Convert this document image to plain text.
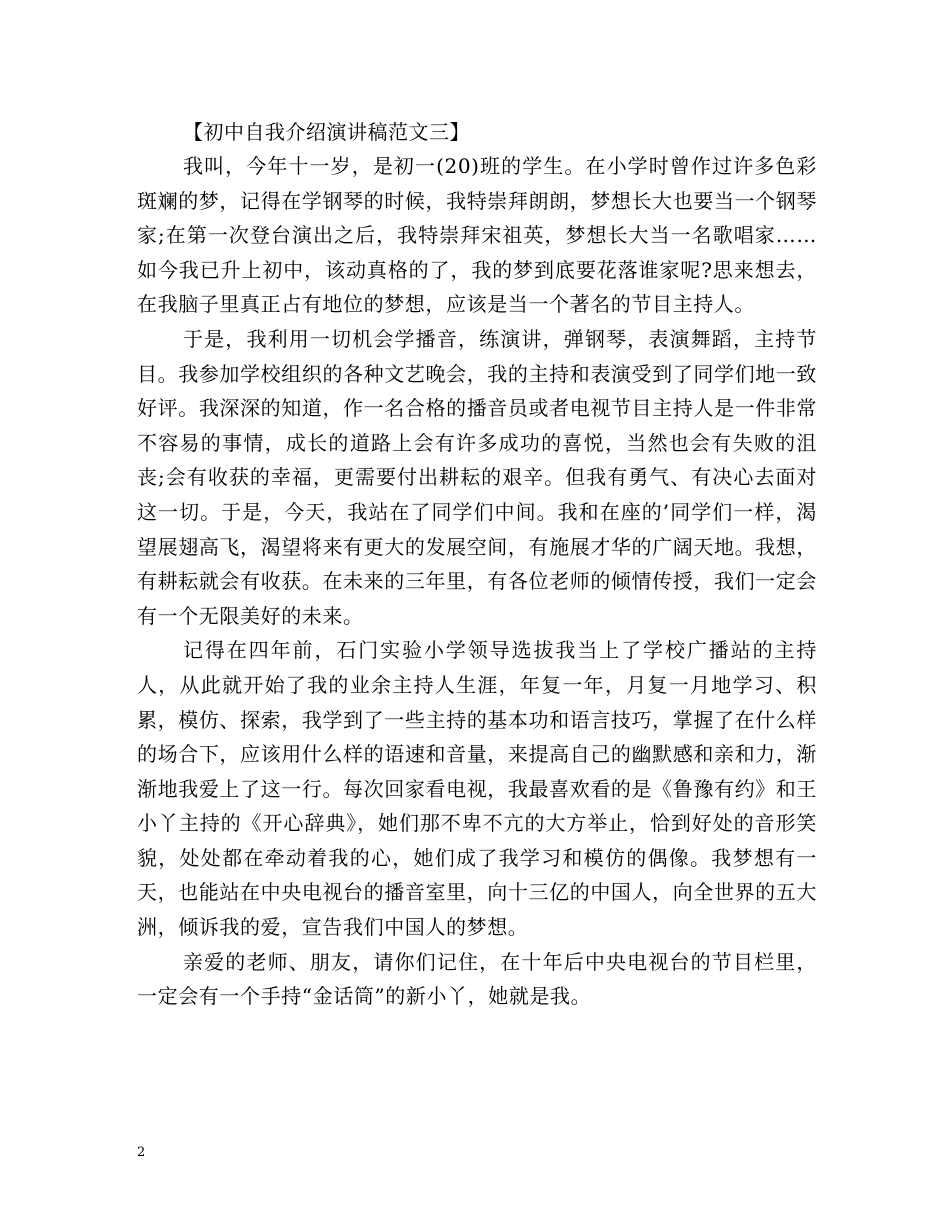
【初中自我介绍演讲稿范文三】

我叫，今年十一岁，是初一(20)班的学生。在小学时曾作过许多色彩斑斓的梦，记得在学钢琴的时候，我特崇拜朗朗，梦想长大也要当一个钢琴家;在第一次登台演出之后，我特崇拜宋祖英，梦想长大当一名歌唱家……如今我已升上初中，该动真格的了，我的梦到底要花落谁家呢?思来想去，在我脑子里真正占有地位的梦想，应该是当一个著名的节目主持人。

于是，我利用一切机会学播音，练演讲，弹钢琴，表演舞蹈，主持节目。我参加学校组织的各种文艺晚会，我的主持和表演受到了同学们地一致好评。我深深的知道，作一名合格的播音员或者电视节目主持人是一件非常不容易的事情，成长的道路上会有许多成功的喜悦，当然也会有失败的沮丧;会有收获的幸福，更需要付出耕耘的艰辛。但我有勇气、有决心去面对这一切。于是，今天，我站在了同学们中间。我和在座的’同学们一样，渴望展翅高飞，渴望将来有更大的发展空间，有施展才华的广阔天地。我想，有耕耘就会有收获。在未来的三年里，有各位老师的倾情传授，我们一定会有一个无限美好的未来。

记得在四年前，石门实验小学领导选拔我当上了学校广播站的主持人，从此就开始了我的业余主持人生涯，年复一年，月复一月地学习、积累，模仿、探索，我学到了一些主持的基本功和语言技巧，掌握了在什么样的场合下，应该用什么样的语速和音量，来提高自己的幽默感和亲和力，渐渐地我爱上了这一行。每次回家看电视，我最喜欢看的是《鲁豫有约》和王小丫主持的《开心辞典》，她们那不卑不亢的大方举止，恰到好处的音形笑貌，处处都在牵动着我的心，她们成了我学习和模仿的偶像。我梦想有一天，也能站在中央电视台的播音室里，向十三亿的中国人，向全世界的五大洲，倾诉我的爱，宣告我们中国人的梦想。

亲爱的老师、朋友，请你们记住，在十年后中央电视台的节目栏里，一定会有一个手持“金话筒”的新小丫，她就是我。

2
